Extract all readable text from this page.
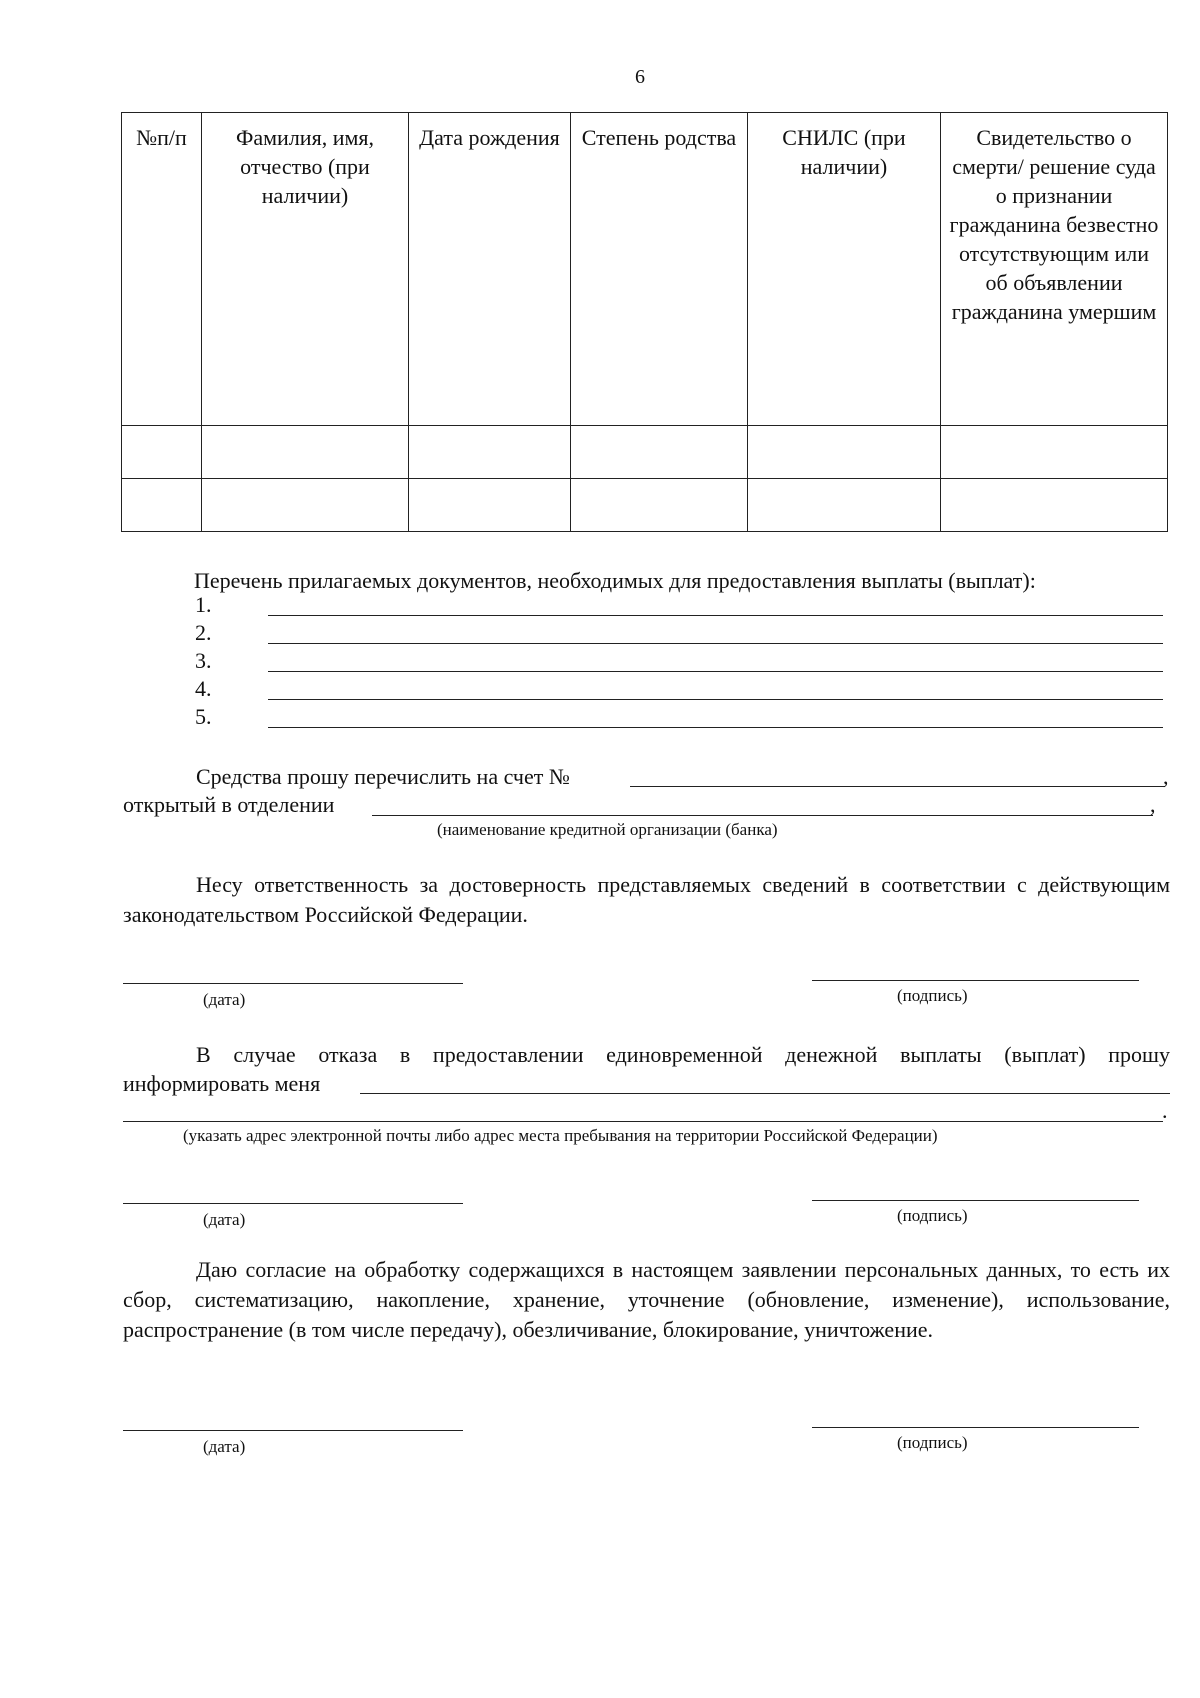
6
№п/п	Фамилия, имя, отчество (при наличии)	Дата рождения	Степень родства	СНИЛС (при наличии)	Свидетельство о смерти/ решение суда о признании гражданина безвестно отсутствующим или об объявлении гражданина умершим

Перечень прилагаемых документов, необходимых для предоставления выплаты (выплат):
1.
2.
3.
4.
5.
Средства прошу перечислить на счет №	,
открытый в отделении	,
(наименование кредитной организации (банка)
Несу ответственность за достоверность представляемых сведений в соответствии с действующим законодательством Российской Федерации.
(дата)	(подпись)
В случае отказа в предоставлении единовременной денежной выплаты (выплат) прошу
информировать меня
.
(указать адрес электронной почты либо адрес места пребывания на территории Российской Федерации)
(дата)	(подпись)
Даю согласие на обработку содержащихся в настоящем заявлении персональных данных, то есть их сбор, систематизацию, накопление, хранение, уточнение (обновление, изменение), использование, распространение (в том числе передачу), обезличивание, блокирование, уничтожение.
(дата)	(подпись)
